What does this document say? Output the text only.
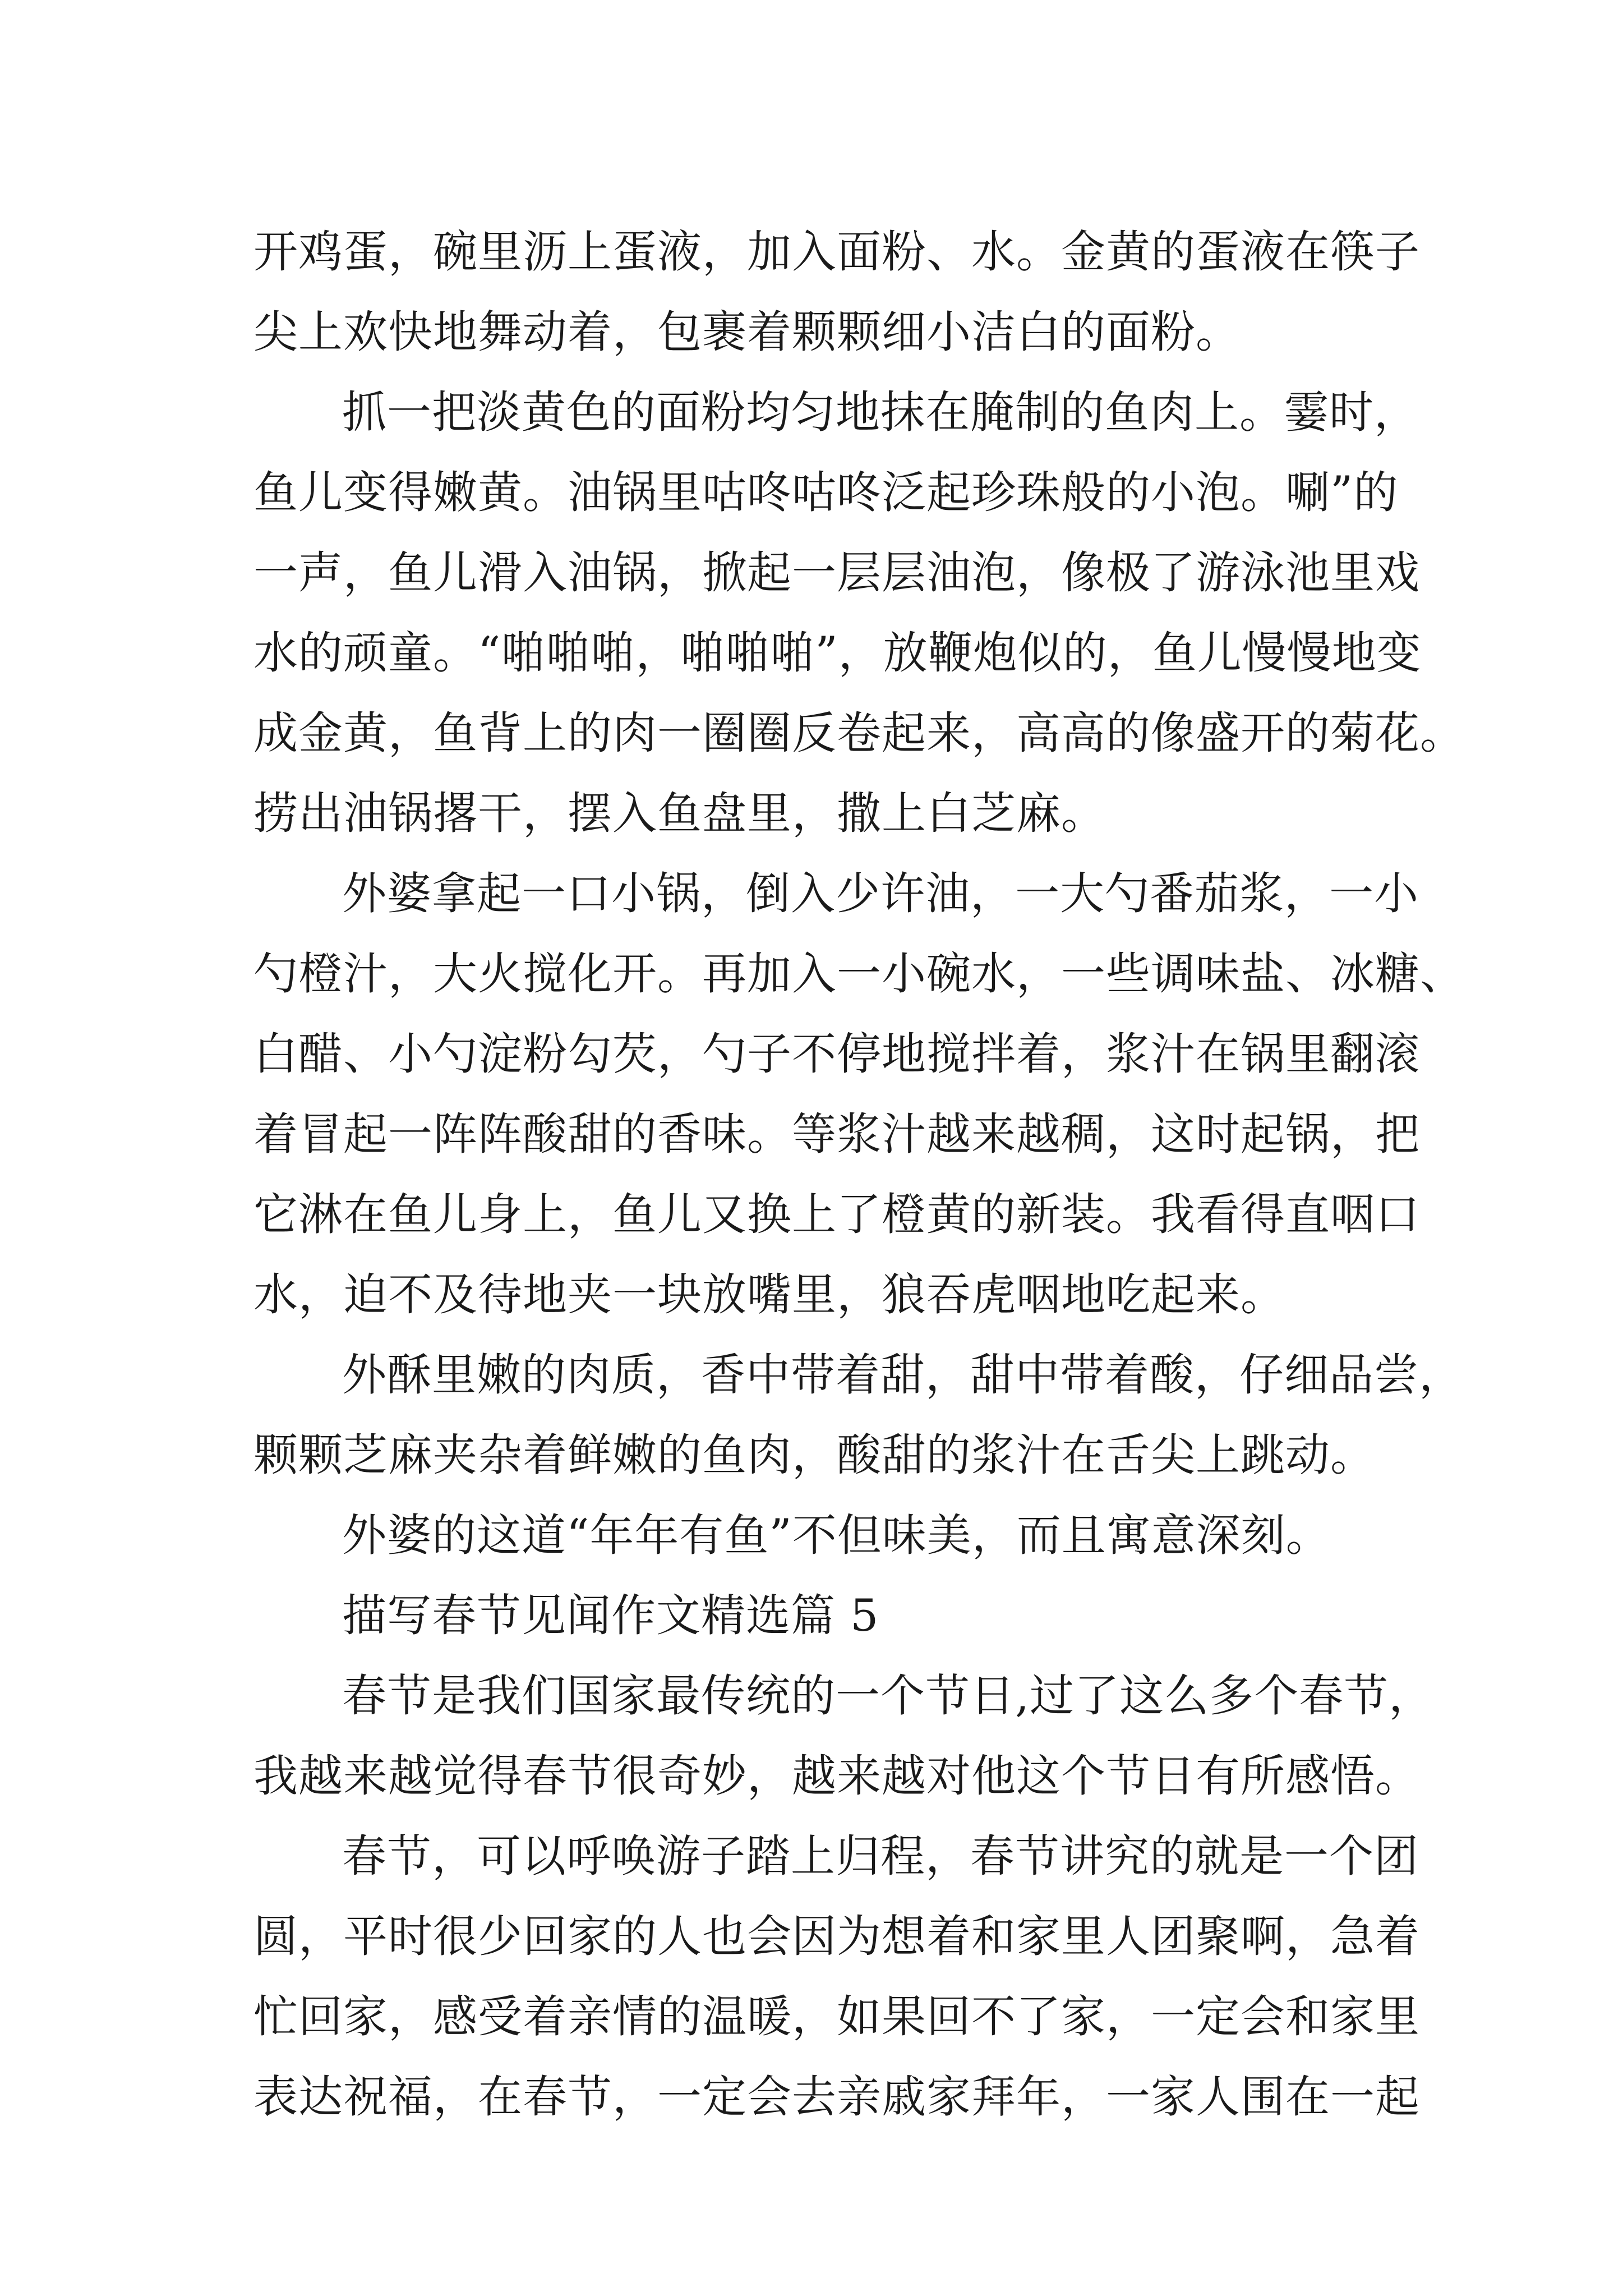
开鸡蛋，碗里沥上蛋液，加入面粉、水。金黄的蛋液在筷子
尖上欢快地舞动着，包裹着颗颗细小洁白的面粉。
抓一把淡黄色的面粉均匀地抹在腌制的鱼肉上。霎时，
鱼儿变得嫩黄。油锅里咕咚咕咚泛起珍珠般的小泡。唰”的
一声，鱼儿滑入油锅，掀起一层层油泡，像极了游泳池里戏
水的顽童。“啪啪啪，啪啪啪”，放鞭炮似的，鱼儿慢慢地变
成金黄，鱼背上的肉一圈圈反卷起来，高高的像盛开的菊花。
捞出油锅撂干，摆入鱼盘里，撒上白芝麻。
外婆拿起一口小锅，倒入少许油，一大勺番茄浆，一小
勺橙汁，大火搅化开。再加入一小碗水，一些调味盐、冰糖、
白醋、小勺淀粉勾芡，勺子不停地搅拌着，浆汁在锅里翻滚
着冒起一阵阵酸甜的香味。等浆汁越来越稠，这时起锅，把
它淋在鱼儿身上，鱼儿又换上了橙黄的新装。我看得直咽口
水，迫不及待地夹一块放嘴里，狼吞虎咽地吃起来。
外酥里嫩的肉质，香中带着甜，甜中带着酸，仔细品尝，
颗颗芝麻夹杂着鲜嫩的鱼肉，酸甜的浆汁在舌尖上跳动。
外婆的这道“年年有鱼”不但味美，而且寓意深刻。
描写春节见闻作文精选篇 5
春节是我们国家最传统的一个节日,过了这么多个春节，
我越来越觉得春节很奇妙，越来越对他这个节日有所感悟。
春节，可以呼唤游子踏上归程，春节讲究的就是一个团
圆，平时很少回家的人也会因为想着和家里人团聚啊，急着
忙回家，感受着亲情的温暖，如果回不了家，一定会和家里
表达祝福，在春节，一定会去亲戚家拜年，一家人围在一起
